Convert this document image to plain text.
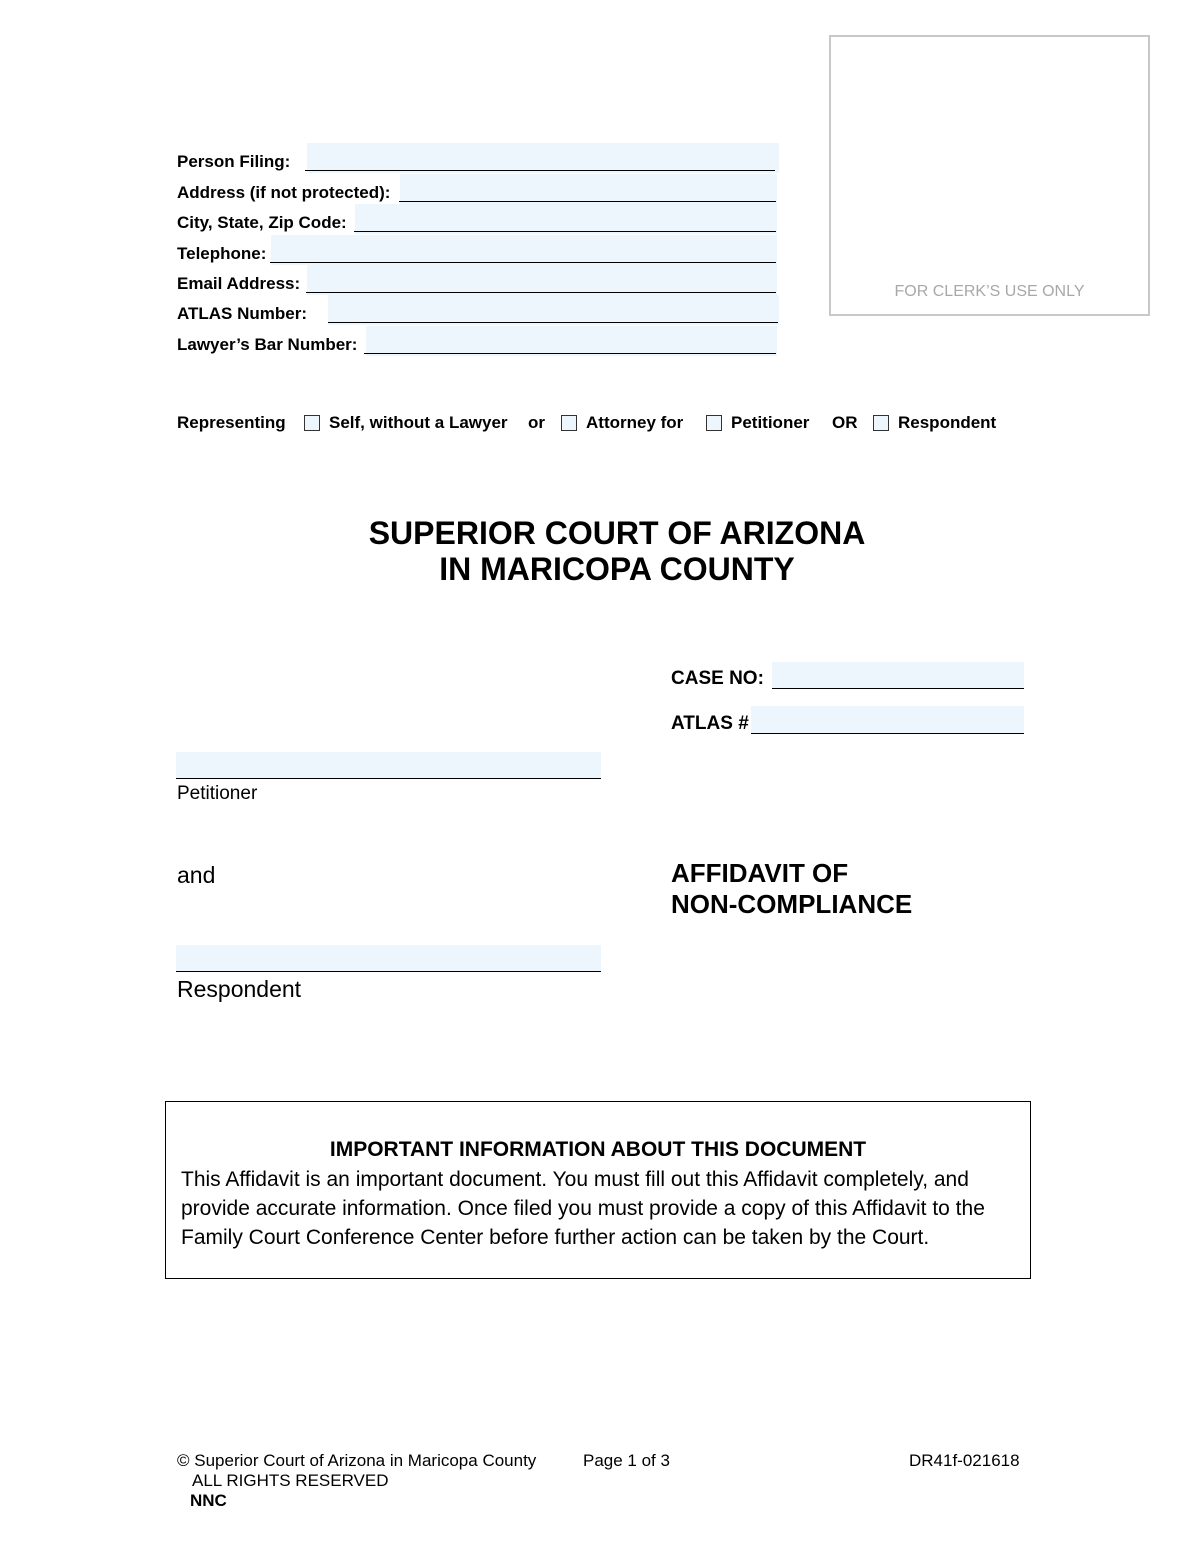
FOR CLERK’S USE ONLY
Person Filing:
Address (if not protected):
City, State, Zip Code:
Telephone:
Email Address:
ATLAS Number:
Lawyer’s Bar Number:
Representing	Self, without a Lawyer or Attorney for	Petitioner OR Respondent
SUPERIOR COURT OF ARIZONA
IN MARICOPA COUNTY
CASE NO:
ATLAS #
Petitioner
and
Respondent
AFFIDAVIT OF
NON-COMPLIANCE
IMPORTANT INFORMATION ABOUT THIS DOCUMENT
This Affidavit is an important document. You must fill out this Affidavit completely, and provide accurate information. Once filed you must provide a copy of this Affidavit to the Family Court Conference Center before further action can be taken by the Court.
© Superior Court of Arizona in Maricopa County
ALL RIGHTS RESERVED
NNC
Page 1 of 3	DR41f-021618
